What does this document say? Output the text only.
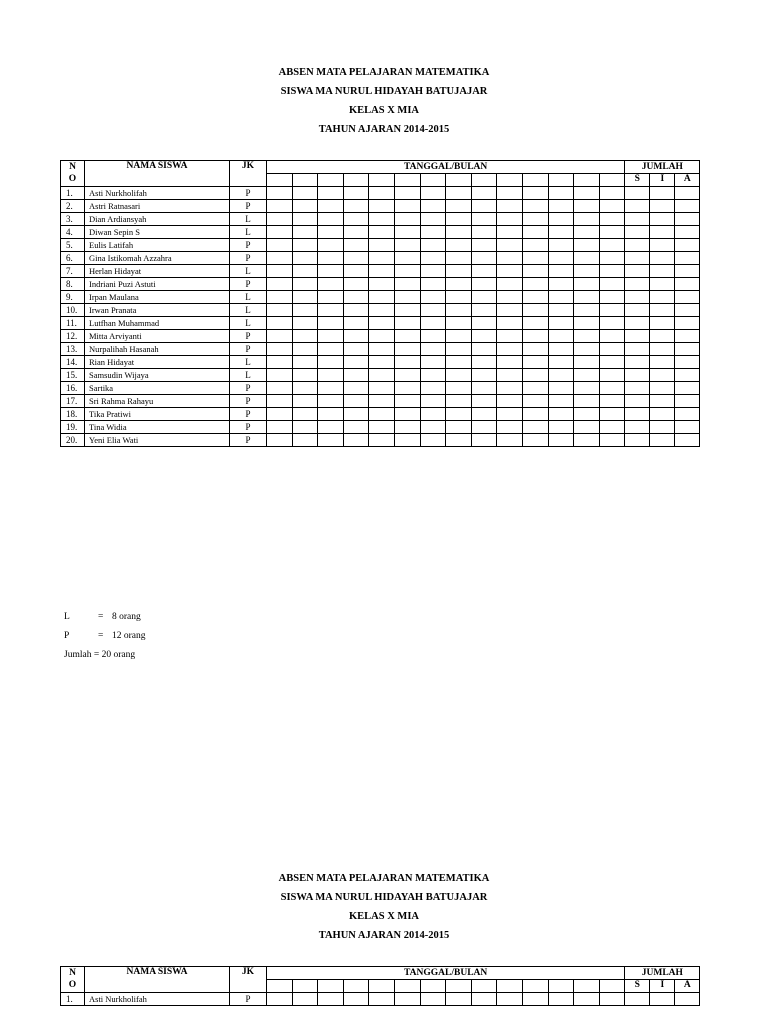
ABSEN MATA PELAJARAN MATEMATIKA
SISWA MA NURUL HIDAYAH BATUJAJAR
KELAS X MIA
TAHUN AJARAN 2014-2015
N
O	NAMA SISWA	JK	TANGGAL/BULAN														JUMLAH		
																	S	I	A
1.	Asti Nurkholifah	P																	
2.	Astri Ratnasari	P																	
3.	Dian Ardiansyah	L																	
4.	Diwan Sepin S	L																	
5.	Eulis Latifah	P																	
6.	Gina Istikomah Azzahra	P																	
7.	Herlan Hidayat	L																	
8.	Indriani Puzi Astuti	P																	
9.	Irpan Maulana	L																	
10.	Irwan Pranata	L																	
11.	Lutfhan Muhammad	L																	
12.	Mitta Arviyanti	P																	
13.	Nurpalihah Hasanah	P																	
14.	Rian Hidayat	L																	
15.	Samsudin Wijaya	L																	
16.	Sartika	P																	
17.	Sri Rahma Rahayu	P																	
18.	Tika Pratiwi	P																	
19.	Tina Widia	P																	
20.	Yeni Elia Wati	P																	
L	= 8 orang
P	= 12 orang
Jumlah = 20 orang
ABSEN MATA PELAJARAN MATEMATIKA
SISWA MA NURUL HIDAYAH BATUJAJAR
KELAS X MIA
TAHUN AJARAN 2014-2015
N
O	NAMA SISWA	JK	TANGGAL/BULAN														JUMLAH		
																	S	I	A
1.	Asti Nurkholifah	P																	
